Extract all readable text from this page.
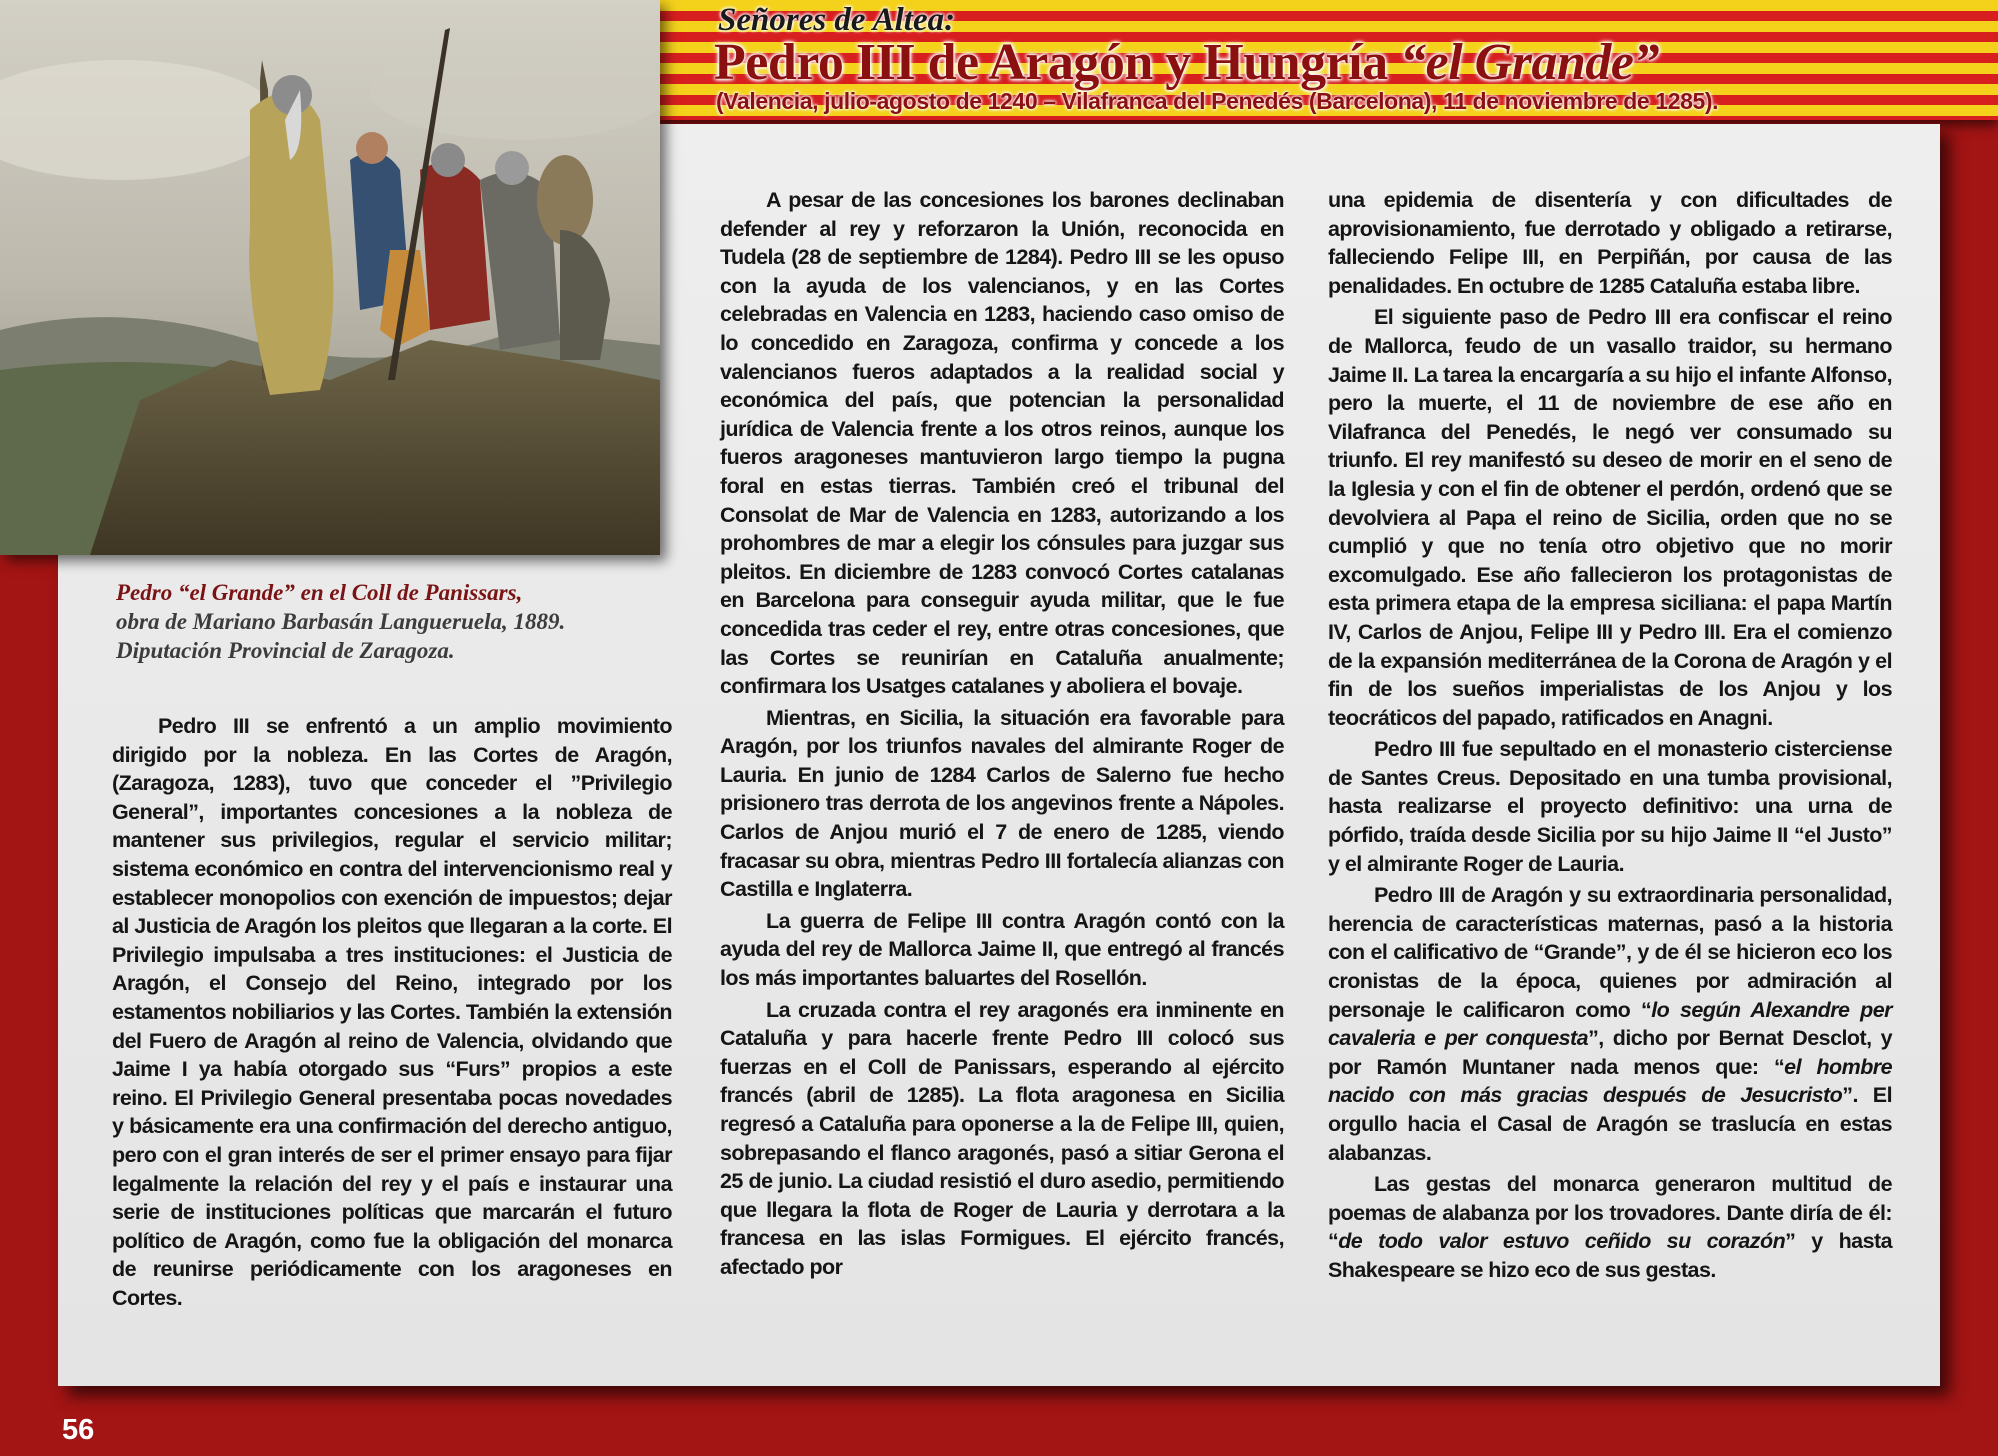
Señores de Altea:
Pedro III de Aragón y Hungría “el Grande”
(Valencia, julio-agosto de 1240 – Vilafranca del Penedés (Barcelona), 11 de noviembre de 1285).
Pedro “el Grande” en el Coll de Panissars,
obra de Mariano Barbasán Langueruela, 1889.
Diputación Provincial de Zaragoza.

Pedro III se enfrentó a un amplio movimiento dirigido por la nobleza. En las Cortes de Aragón, (Zaragoza, 1283), tuvo que conceder el ”Privilegio General”, importantes concesiones a la nobleza de mantener sus privilegios, regular el servicio militar; sistema económico en contra del intervencionismo real y establecer monopolios con exención de impuestos; dejar al Justicia de Aragón los pleitos que llegaran a la corte. El Privilegio impulsaba a tres instituciones: el Justicia de Aragón, el Consejo del Reino, integrado por los estamentos nobiliarios y las Cortes. También la extensión del Fuero de Aragón al reino de Valencia, olvidando que Jaime I ya había otorgado sus “Furs” propios a este reino. El Privilegio General presentaba pocas novedades y básicamente era una confirmación del derecho antiguo, pero con el gran interés de ser el primer ensayo para fijar legalmente la relación del rey y el país e instaurar una serie de instituciones políticas que marcarán el futuro político de Aragón, como fue la obligación del monarca de reunirse periódicamente con los aragoneses en Cortes.

A pesar de las concesiones los barones declinaban defender al rey y reforzaron la Unión, reconocida en Tudela (28 de septiembre de 1284). Pedro III se les opuso con la ayuda de los valencianos, y en las Cortes celebradas en Valencia en 1283, haciendo caso omiso de lo concedido en Zaragoza, confirma y concede a los valencianos fueros adaptados a la realidad social y económica del país, que potencian la personalidad jurídica de Valencia frente a los otros reinos, aunque los fueros aragoneses mantuvieron largo tiempo la pugna foral en estas tierras. También creó el tribunal del Consolat de Mar de Valencia en 1283, autorizando a los prohombres de mar a elegir los cónsules para juzgar sus pleitos. En diciembre de 1283 convocó Cortes catalanas en Barcelona para conseguir ayuda militar, que le fue concedida tras ceder el rey, entre otras concesiones, que las Cortes se reunirían en Cataluña anualmente; confirmara los Usatges catalanes y aboliera el bovaje.

Mientras, en Sicilia, la situación era favorable para Aragón, por los triunfos navales del almirante Roger de Lauria. En junio de 1284 Carlos de Salerno fue hecho prisionero tras derrota de los angevinos frente a Nápoles. Carlos de Anjou murió el 7 de enero de 1285, viendo fracasar su obra, mientras Pedro III fortalecía alianzas con Castilla e Inglaterra.

La guerra de Felipe III contra Aragón contó con la ayuda del rey de Mallorca Jaime II, que entregó al francés los más importantes baluartes del Rosellón.

La cruzada contra el rey aragonés era inminente en Cataluña y para hacerle frente Pedro III colocó sus fuerzas en el Coll de Panissars, esperando al ejército francés (abril de 1285). La flota aragonesa en Sicilia regresó a Cataluña para oponerse a la de Felipe III, quien, sobrepasando el flanco aragonés, pasó a sitiar Gerona el 25 de junio. La ciudad resistió el duro asedio, permitiendo que llegara la flota de Roger de Lauria y derrotara a la francesa en las islas Formigues. El ejército francés, afectado por

una epidemia de disentería y con dificultades de aprovisionamiento, fue derrotado y obligado a retirarse, falleciendo Felipe III, en Perpiñán, por causa de las penalidades. En octubre de 1285 Cataluña estaba libre.

El siguiente paso de Pedro III era confiscar el reino de Mallorca, feudo de un vasallo traidor, su hermano Jaime II. La tarea la encargaría a su hijo el infante Alfonso, pero la muerte, el 11 de noviembre de ese año en Vilafranca del Penedés, le negó ver consumado su triunfo. El rey manifestó su deseo de morir en el seno de la Iglesia y con el fin de obtener el perdón, ordenó que se devolviera al Papa el reino de Sicilia, orden que no se cumplió y que no tenía otro objetivo que no morir excomulgado. Ese año fallecieron los protagonistas de esta primera etapa de la empresa siciliana: el papa Martín IV, Carlos de Anjou, Felipe III y Pedro III. Era el comienzo de la expansión mediterránea de la Corona de Aragón y el fin de los sueños imperialistas de los Anjou y los teocráticos del papado, ratificados en Anagni.

Pedro III fue sepultado en el monasterio cisterciense de Santes Creus. Depositado en una tumba provisional, hasta realizarse el proyecto definitivo: una urna de pórfido, traída desde Sicilia por su hijo Jaime II “el Justo” y el almirante Roger de Lauria.

Pedro III de Aragón y su extraordinaria personalidad, herencia de características maternas, pasó a la historia con el calificativo de “Grande”, y de él se hicieron eco los cronistas de la época, quienes por admiración al personaje le calificaron como “lo según Alexandre per cavaleria e per conquesta”, dicho por Bernat Desclot, y por Ramón Muntaner nada menos que: “el hombre nacido con más gracias después de Jesucristo”. El orgullo hacia el Casal de Aragón se traslucía en estas alabanzas.

Las gestas del monarca generaron multitud de poemas de alabanza por los trovadores. Dante diría de él: “de todo valor estuvo ceñido su corazón” y hasta Shakespeare se hizo eco de sus gestas.

56
